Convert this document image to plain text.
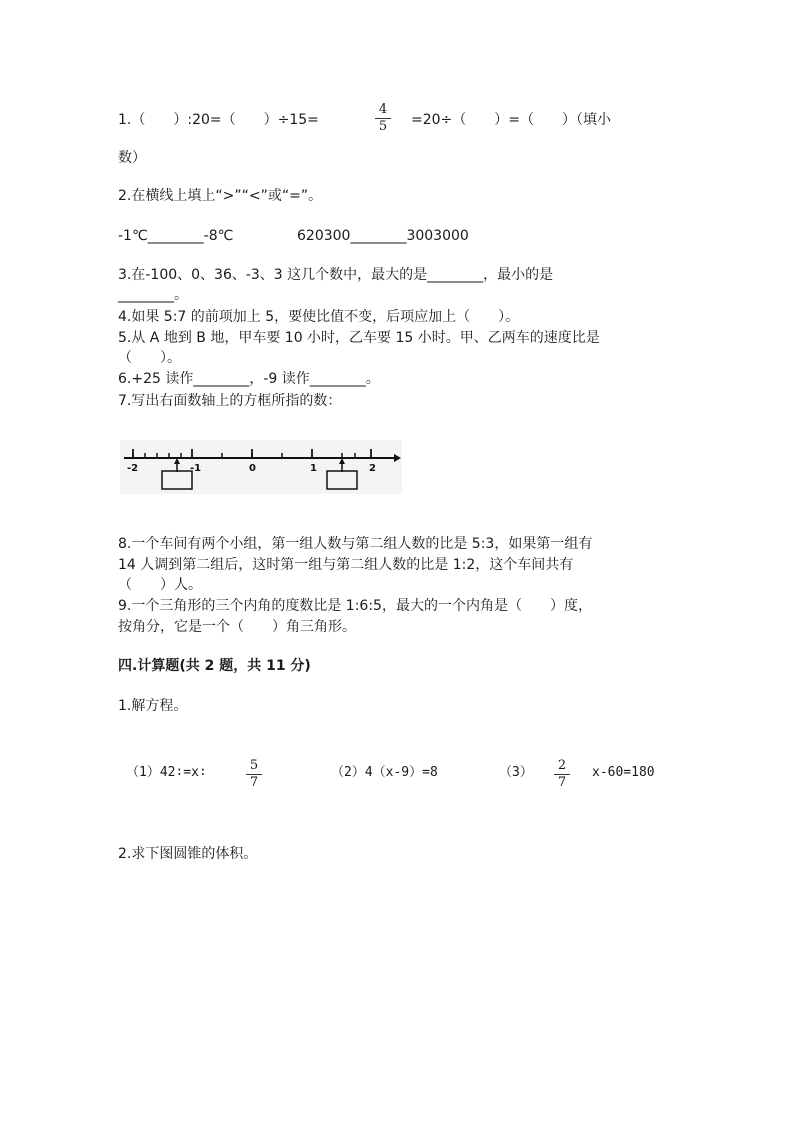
1.（　　）:20=（　　）÷15=
4
5 =20÷（　　）=（　　）（填小
数）
2.在横线上填上“>”“<”或“=”。
-1℃________-8℃	620300________3003000
3.在-100、0、36、-3、3 这几个数中，最大的是________，最小的是
________。
4.如果 5:7 的前项加上 5，要使比值不变，后项应加上（　　）。
5.从 A 地到 B 地，甲车要 10 小时，乙车要 15 小时。甲、乙两车的速度比是
（　　）。
6.+25 读作________，-9 读作________。
7.写出右面数轴上的方框所指的数：
-2	-1	0	1	2
8.一个车间有两个小组，第一组人数与第二组人数的比是 5:3，如果第一组有
14 人调到第二组后，这时第一组与第二组人数的比是 1:2，这个车间共有
（　　）人。
9.一个三角形的三个内角的度数比是 1:6:5，最大的一个内角是（　　）度，
按角分，它是一个（　　）角三角形。
四.计算题(共 2 题，共 11 分)
1.解方程。
（1）42∶=x∶	5
7
（2）4（x-9）=8	（3） 2
7
x-60=180
2.求下图圆锥的体积。
